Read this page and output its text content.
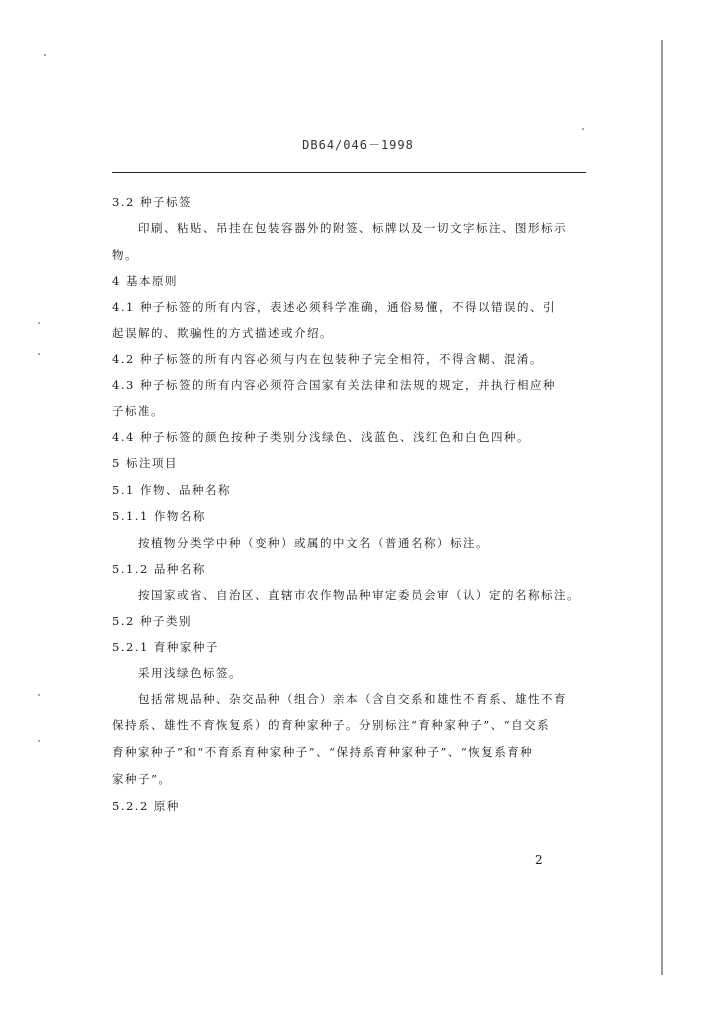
DB64/046－1998
3.2 种子标签
印刷、粘贴、吊挂在包装容器外的附签、标牌以及一切文字标注、图形标示
物。
4 基本原则
4.1 种子标签的所有内容，表述必须科学准确，通俗易懂，不得以错误的、引
起误解的、欺骗性的方式描述或介绍。
4.2 种子标签的所有内容必须与内在包装种子完全相符，不得含糊、混淆。
4.3 种子标签的所有内容必须符合国家有关法律和法规的规定，并执行相应种
子标准。
4.4 种子标签的颜色按种子类别分浅绿色、浅蓝色、浅红色和白色四种。
5 标注项目
5.1 作物、品种名称
5.1.1 作物名称
按植物分类学中种（变种）或属的中文名（普通名称）标注。
5.1.2 品种名称
按国家或省、自治区、直辖市农作物品种审定委员会审（认）定的名称标注。
5.2 种子类别
5.2.1 育种家种子
采用浅绿色标签。
包括常规品种、杂交品种（组合）亲本（含自交系和雄性不育系、雄性不育
保持系、雄性不育恢复系）的育种家种子。分别标注“育种家种子”、“自交系
育种家种子”和“不育系育种家种子”、“保持系育种家种子”、“恢复系育种
家种子”。
5.2.2 原种
2
